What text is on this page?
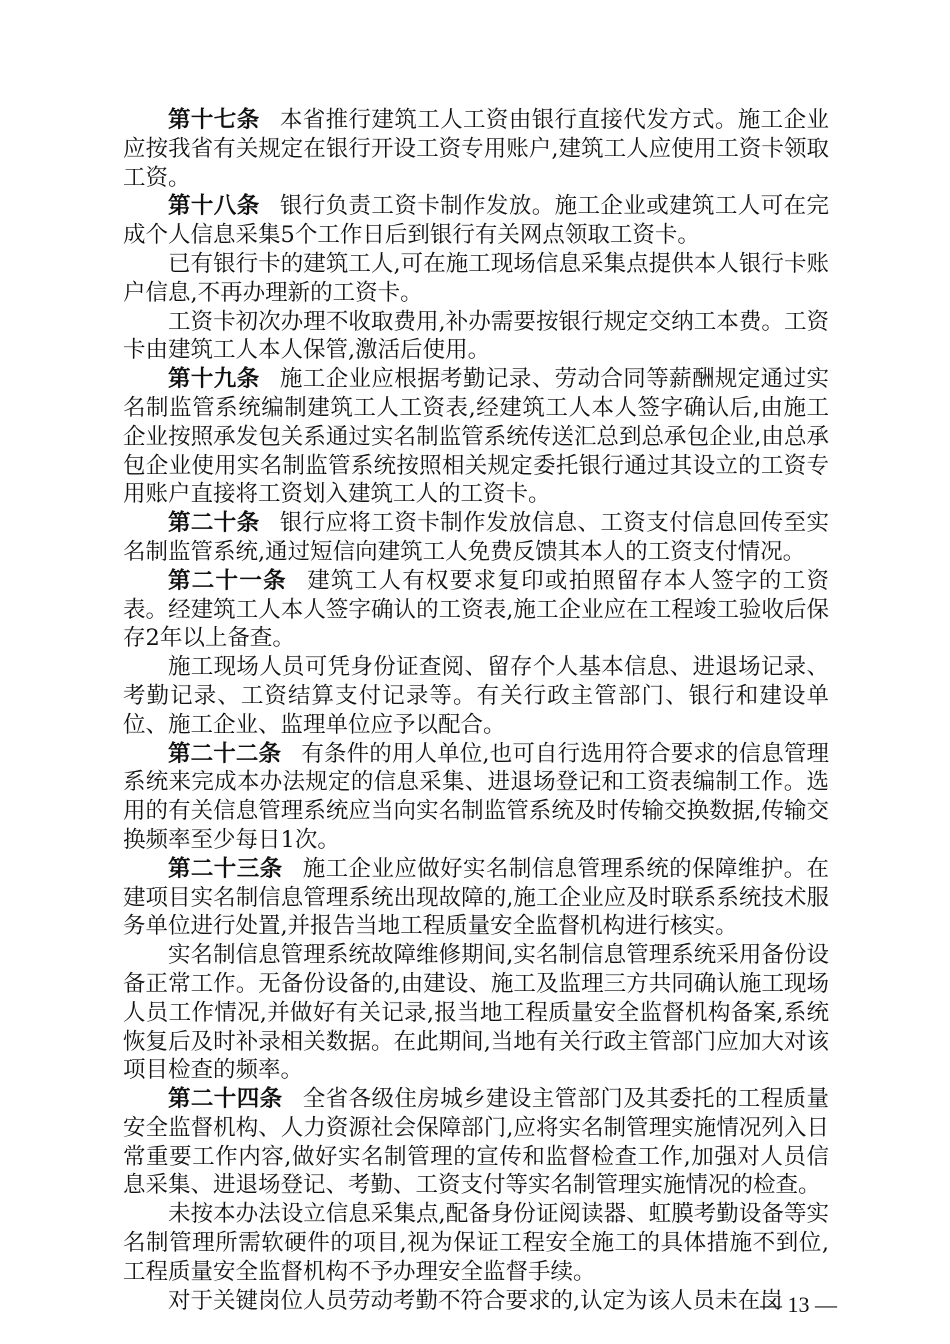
第十七条 本省推行建筑工人工资由银行直接代发方式。施工企业应按我省有关规定在银行开设工资专用账户,建筑工人应使用工资卡领取工资。

第十八条 银行负责工资卡制作发放。施工企业或建筑工人可在完成个人信息采集5个工作日后到银行有关网点领取工资卡。

已有银行卡的建筑工人,可在施工现场信息采集点提供本人银行卡账户信息,不再办理新的工资卡。

工资卡初次办理不收取费用,补办需要按银行规定交纳工本费。工资卡由建筑工人本人保管,激活后使用。

第十九条 施工企业应根据考勤记录、劳动合同等薪酬规定通过实名制监管系统编制建筑工人工资表,经建筑工人本人签字确认后,由施工企业按照承发包关系通过实名制监管系统传送汇总到总承包企业,由总承包企业使用实名制监管系统按照相关规定委托银行通过其设立的工资专用账户直接将工资划入建筑工人的工资卡。

第二十条 银行应将工资卡制作发放信息、工资支付信息回传至实名制监管系统,通过短信向建筑工人免费反馈其本人的工资支付情况。

第二十一条 建筑工人有权要求复印或拍照留存本人签字的工资表。经建筑工人本人签字确认的工资表,施工企业应在工程竣工验收后保存2年以上备查。

施工现场人员可凭身份证查阅、留存个人基本信息、进退场记录、考勤记录、工资结算支付记录等。有关行政主管部门、银行和建设单位、施工企业、监理单位应予以配合。

第二十二条 有条件的用人单位,也可自行选用符合要求的信息管理系统来完成本办法规定的信息采集、进退场登记和工资表编制工作。选用的有关信息管理系统应当向实名制监管系统及时传输交换数据,传输交换频率至少每日1次。

第二十三条 施工企业应做好实名制信息管理系统的保障维护。在建项目实名制信息管理系统出现故障的,施工企业应及时联系系统技术服务单位进行处置,并报告当地工程质量安全监督机构进行核实。

实名制信息管理系统故障维修期间,实名制信息管理系统采用备份设备正常工作。无备份设备的,由建设、施工及监理三方共同确认施工现场人员工作情况,并做好有关记录,报当地工程质量安全监督机构备案,系统恢复后及时补录相关数据。在此期间,当地有关行政主管部门应加大对该项目检查的频率。

第二十四条 全省各级住房城乡建设主管部门及其委托的工程质量安全监督机构、人力资源社会保障部门,应将实名制管理实施情况列入日常重要工作内容,做好实名制管理的宣传和监督检查工作,加强对人员信息采集、进退场登记、考勤、工资支付等实名制管理实施情况的检查。

未按本办法设立信息采集点,配备身份证阅读器、虹膜考勤设备等实名制管理所需软硬件的项目,视为保证工程安全施工的具体措施不到位,工程质量安全监督机构不予办理安全监督手续。

对于关键岗位人员劳动考勤不符合要求的,认定为该人员未在岗

— 13 —
